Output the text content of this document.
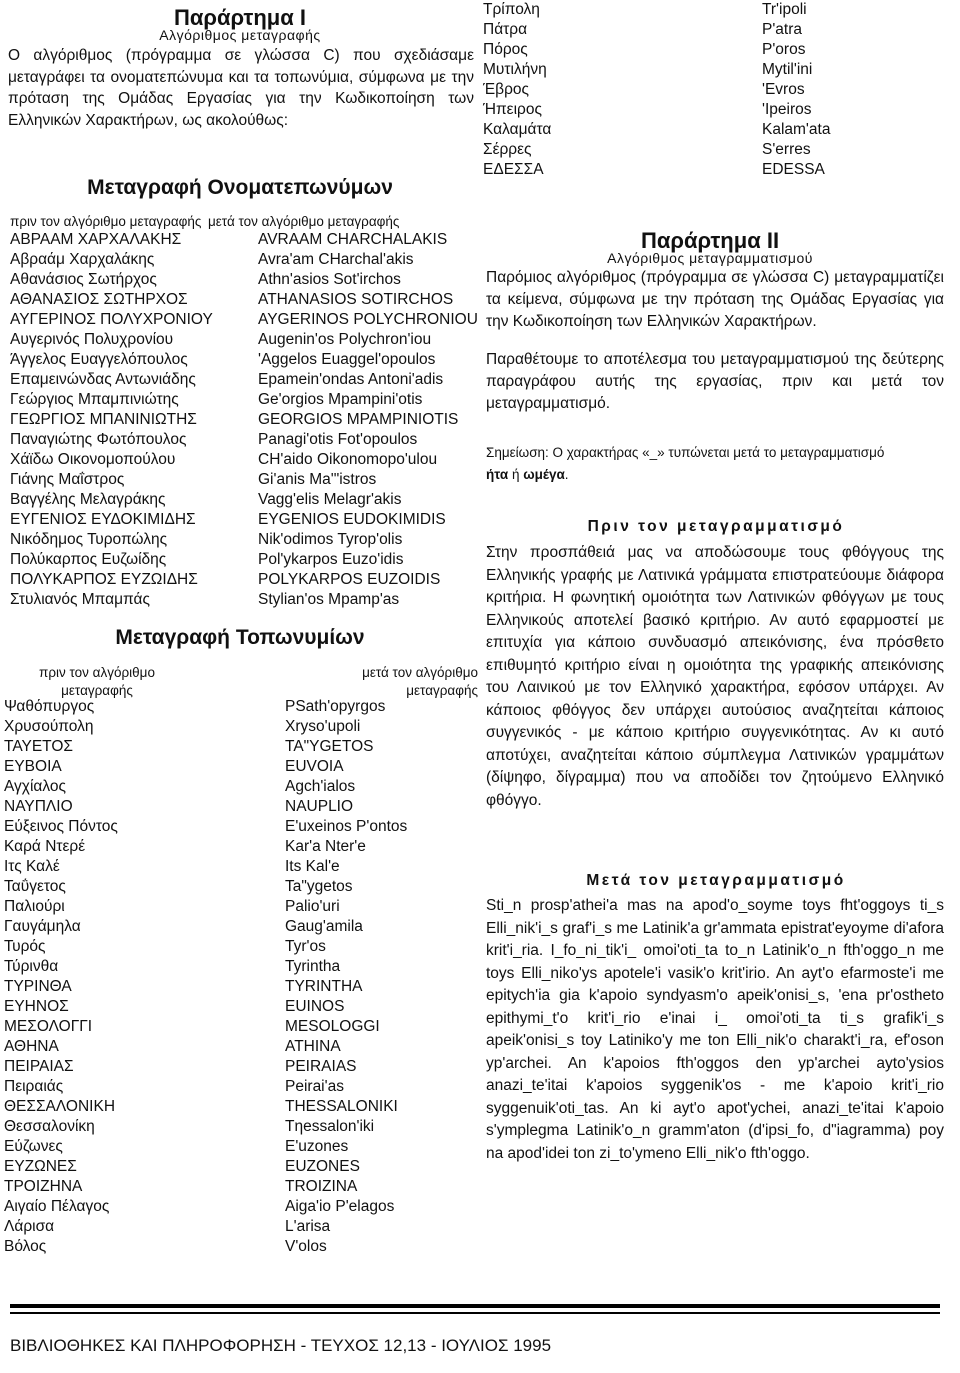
Παράρτημα Ι
Αλγόριθμος μεταγραφής
Ο αλγόριθμος (πρόγραμμα σε γλώσσα C) που σχεδιάσαμε μεταγράφει τα ονοματεπώνυμα και τα τοπωνύμια, σύμφωνα με την πρόταση της Ομάδας Εργασίας για την Κωδικοποίηση των Ελληνικών Χαρακτήρων, ως ακολούθως:
Μεταγραφή Ονοματεπωνύμων
πριν τον αλγόριθμο μεταγραφής μετά τον αλγόριθμο μεταγραφής
ΑΒΡΑΑΜ ΧΑΡΧΑΛΑΚΗΣ
Αβραάμ Χαρχαλάκης
Αθανάσιος Σωτήρχος
ΑΘΑΝΑΣΙΟΣ ΣΩΤΗΡΧΟΣ
ΑΥΓΕΡΙΝΟΣ ΠΟΛΥΧΡΟΝΙΟΥ
Αυγερινός Πολυχρονίου
Άγγελος Ευαγγελόπουλος
Επαμεινώνδας Αντωνιάδης
Γεώργιος Μπαμπινιώτης
ΓΕΩΡΓΙΟΣ ΜΠΑΝΙΝΙΩΤΗΣ
Παναγιώτης Φωτόπουλος
Χάϊδω Οικονομοπούλου
Γιάνης Μαΐστρος
Βαγγέλης Μελαγράκης
ΕΥΓΕΝΙΟΣ ΕΥΔΟΚΙΜΙΔΗΣ
Νικόδημος Τυροπώλης
Πολύκαρπος Ευζωίδης
ΠΟΛΥΚΑΡΠΟΣ ΕΥΖΩΙΔΗΣ
Στυλιανός Μπαμπάς
AVRAAM CHARCHALAKIS
Avra'am CHarchal'akis
Athn'asios Sot'irchos
ATHANASIOS SOTIRCHOS
AYGERINOS POLYCHRONIOU
Augenin'os Polychron'iou
'Aggelos Euaggel'opoulos
Epamein'ondas Antoni'adis
Ge'orgios Mpampini'otis
GEORGIOS MPAMPINIOTIS
Panagi'otis Fot'opoulos
CH'aido Oikonomopo'ulou
Gi'anis Ma'"istros
Vagg'elis Melagr'akis
EYGENIOS EUDOKIMIDIS
Nik'odimos Tyrop'olis
Pol'ykarpos Euzo'idis
POLYKARPOS EUZOIDIS
Stylian'os Mpamp'as
Μεταγραφή Τοπωνυμίων
πριν τον αλγόριθμο
μεταγραφής
μετά τον αλγόριθμο
μεταγραφής
Ψαθόπυργος
Χρυσούπολη
ΤΑΥΕΤΟΣ
ΕΥΒΟΙΑ
Αγχίαλος
ΝΑΥΠΛΙΟ
Εύξεινος Πόντος
Καρά Ντερέ
Ιτς Καλέ
Ταΰγετος
Παλιούρι
Γαυγάμηλα
Τυρός
Τύρινθα
ΤΥΡΙΝΘΑ
ΕΥΗΝΟΣ
ΜΕΣΟΛΟΓΓΙ
ΑΘΗΝΑ
ΠΕΙΡΑΙΑΣ
Πειραιάς
ΘΕΣΣΑΛΟΝΙΚΗ
Θεσσαλονίκη
Εύζωνες
ΕΥΖΩΝΕΣ
ΤΡΟΙΖΗΝΑ
Αιγαίο Πέλαγος
Λάρισα
Βόλος
PSath'opyrgos
Xryso'upoli
TA"YGETOS
EUVOIA
Agch'ialos
NAUPLIO
E'uxeinos P'ontos
Kar'a Nter'e
Its Kal'e
Ta"ygetos
Palio'uri
Gaug'amila
Tyr'os
Tyrintha
TYRINTHA
EUINOS
MESOLOGGI
ATHINA
PEIRAIAS
Peirai'as
THESSALONIKI
Tηessalon'iki
E'uzones
EUZONES
TROIZINA
Aiga'io P'elagos
L'arisa
V'olos
Τρίπολη
Πάτρα
Πόρος
Μυτιλήνη
Έβρος
Ήπειρος
Καλαμάτα
Σέρρες
ΕΔΕΣΣΑ
Tr'ipoli
P'atra
P'oros
Mytil'ini
'Evros
'Ipeiros
Kalam'ata
S'erres
EDESSA
Παράρτημα ΙΙ
Αλγόριθμος μεταγραμματισμού
Παρόμιος αλγόριθμος (πρόγραμμα σε γλώσσα C) μεταγραμματίζει τα κείμενα, σύμφωνα με την πρόταση της Ομάδας Εργασίας για την Κωδικοποίηση των Ελληνικών Χαρακτήρων.
Παραθέτουμε το αποτέλεσμα του μεταγραμματισμού της δεύτερης παραγράφου αυτής της εργασίας, πριν και μετά τον μεταγραμματισμό.
Σημείωση: Ο χαρακτήρας «_» τυπώνεται μετά το μεταγραμματισμό
ήτα ή ωμέγα.
Πριν τον μεταγραμματισμό
Στην προσπάθειά μας να αποδώσουμε τους φθόγγους της Ελληνικής γραφής με Λατινικά γράμματα επιστρατεύουμε διάφορα κριτήρια. Η φωνητική ομοιότητα των Λατινικών φθόγγων με τους Ελληνικούς αποτελεί βασικό κριτήριο. Αν αυτό εφαρμοστεί με επιτυχία για κάποιο συνδυασμό απεικόνισης, ένα πρόσθετο επιθυμητό κριτήριο είναι η ομοιότητα της γραφικής απεικόνισης του Λαινικού με τον Ελληνικό χαρακτήρα, εφόσον υπάρχει. Αν κάποιος φθόγγος δεν υπάρχει αυτούσιος αναζητείται κάποιος συγγενικός - με κάποιο κριτήριο συγγενικότητας. Αν κι αυτό αποτύχει, αναζητείται κάποιο σύμπλεγμα Λατινικών γραμμάτων (δίψηφο, δίγραμμα) που να αποδίδει τον ζητούμενο Ελληνικό φθόγγο.
Μετά τον μεταγραμματισμό
Sti_n prosp'athei'a mas na apod'o_soyme toys fht'oggoys ti_s Elli_nik'i_s graf'i_s me Latinik'a gr'ammata epistrat'eyoyme di'afora krit'i_ria. I_fo_ni_tik'i_ omoi'oti_ta to_n Latinik'o_n fth'oggo_n me toys Elli_niko'ys apotele'i vasik'o krit'irio. An ayt'o efarmoste'i me epitych'ia gia k'apoio syndyasm'o apeik'onisi_s, 'ena pr'ostheto epithymi_t'o krit'i_rio e'inai i_ omoi'oti_ta ti_s grafik'i_s apeik'onisi_s toy Latiniko'y me ton Elli_nik'o charakt'i_ra, ef'oson yp'archei. An k'apoios fth'oggos den yp'archei ayto'ysios anazi_te'itai k'apoios syggenik'os - me k'apoio krit'i_rio syggenuik'oti_tas. An ki ayt'o apot'ychei, anazi_te'itai k'apoio s'ymplegma Latinik'o_n gramm'aton (d'ipsi_fo, d"iagramma) poy na apod'idei ton zi_to'ymeno Elli_nik'o fth'oggo.
ΒΙΒΛΙΟΘΗΚΕΣ ΚΑΙ ΠΛΗΡΟΦΟΡΗΣΗ - ΤΕΥΧΟΣ 12,13 - ΙΟΥΛΙΟΣ 1995
